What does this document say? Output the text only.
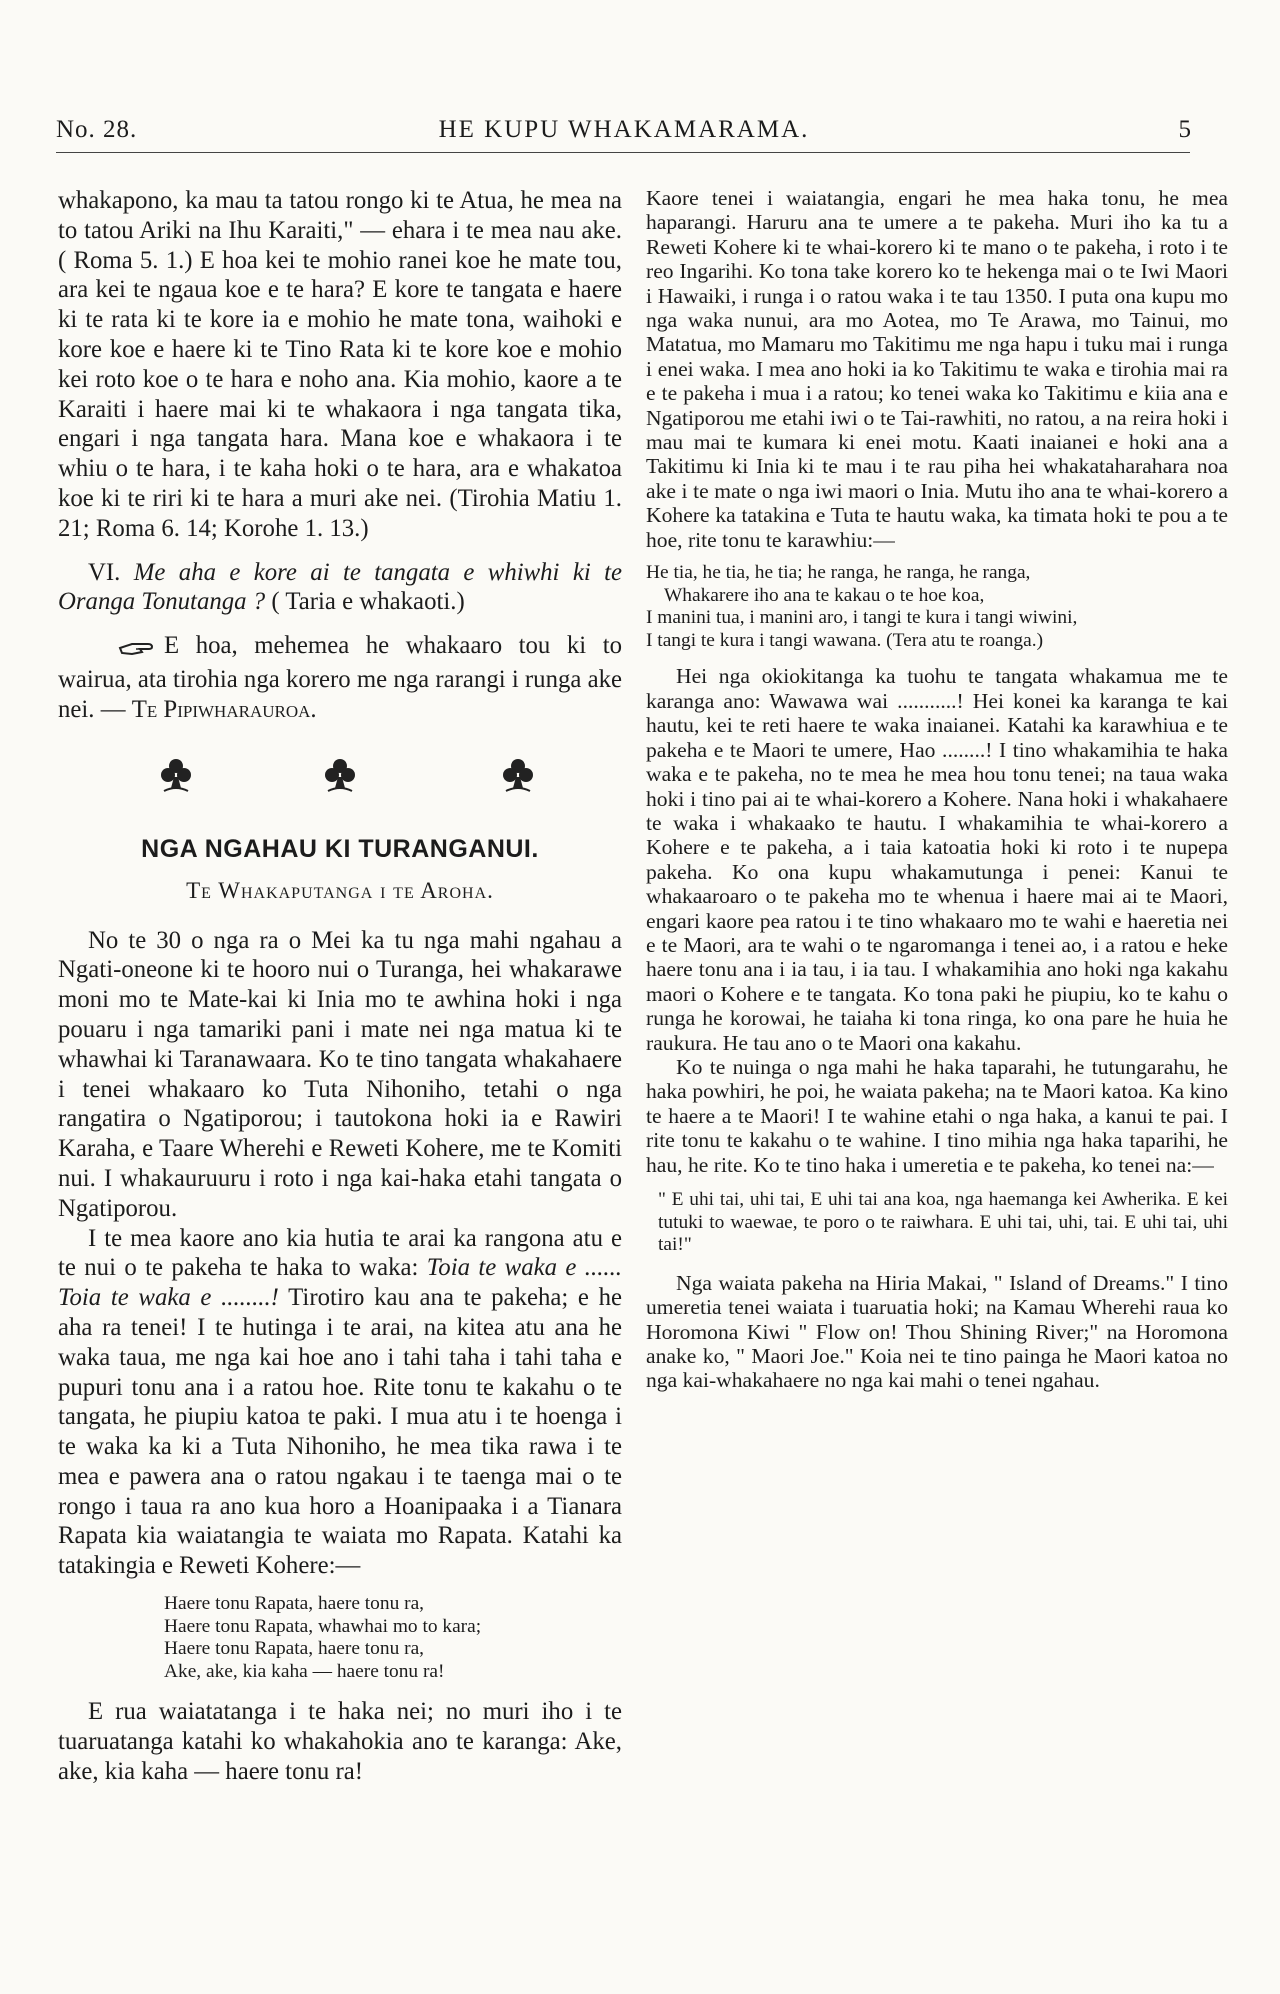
No. 28.	HE KUPU WHAKAMARAMA.	5

whakapono, ka mau ta tatou rongo ki te Atua, he mea na to tatou Ariki na Ihu Karaiti," — ehara i te mea nau ake. ( Roma 5. 1.) E hoa kei te mohio ranei koe he mate tou, ara kei te ngaua koe e te hara? E kore te tangata e haere ki te rata ki te kore ia e mohio he mate tona, waihoki e kore koe e haere ki te Tino Rata ki te kore koe e mohio kei roto koe o te hara e noho ana. Kia mohio, kaore a te Karaiti i haere mai ki te whakaora i nga tangata tika, engari i nga tangata hara. Mana koe e whakaora i te whiu o te hara, i te kaha hoki o te hara, ara e whakatoa koe ki te riri ki te hara a muri ake nei. (Tirohia Matiu 1. 21; Roma 6. 14; Korohe 1. 13.)

VI. Me aha e kore ai te tangata e whiwhi ki te Oranga Tonutanga ? ( Taria e whakaoti.)

E hoa, mehemea he whakaaro tou ki to wairua, ata tirohia nga korero me nga rarangi i runga ake nei. — Te Pipiwharauroa.

NGA NGAHAU KI TURANGANUI.
Te Whakaputanga i te Aroha.

No te 30 o nga ra o Mei ka tu nga mahi ngahau a Ngati-oneone ki te hooro nui o Turanga, hei whakarawe moni mo te Mate-kai ki Inia mo te awhina hoki i nga pouaru i nga tamariki pani i mate nei nga matua ki te whawhai ki Taranawaara. Ko te tino tangata whakahaere i tenei whakaaro ko Tuta Nihoniho, tetahi o nga rangatira o Ngatiporou; i tautokona hoki ia e Rawiri Karaha, e Taare Wherehi e Reweti Kohere, me te Komiti nui. I whakauruuru i roto i nga kai-haka etahi tangata o Ngatiporou.

I te mea kaore ano kia hutia te arai ka rangona atu e te nui o te pakeha te haka to waka: Toia te waka e ...... Toia te waka e ........! Tirotiro kau ana te pakeha; e he aha ra tenei! I te hutinga i te arai, na kitea atu ana he waka taua, me nga kai hoe ano i tahi taha i tahi taha e pupuri tonu ana i a ratou hoe. Rite tonu te kakahu o te tangata, he piupiu katoa te paki. I mua atu i te hoenga i te waka ka ki a Tuta Nihoniho, he mea tika rawa i te mea e pawera ana o ratou ngakau i te taenga mai o te rongo i taua ra ano kua horo a Hoanipaaka i a Tianara Rapata kia waiatangia te waiata mo Rapata. Katahi ka tatakingia e Reweti Kohere:—

Haere tonu Rapata, haere tonu ra,
Haere tonu Rapata, whawhai mo to kara;
Haere tonu Rapata, haere tonu ra,
Ake, ake, kia kaha — haere tonu ra!

E rua waiatatanga i te haka nei; no muri iho i te tuaruatanga katahi ko whakahokia ano te karanga: Ake, ake, kia kaha — haere tonu ra!

Kaore tenei i waiatangia, engari he mea haka tonu, he mea haparangi. Haruru ana te umere a te pakeha. Muri iho ka tu a Reweti Kohere ki te whai-korero ki te mano o te pakeha, i roto i te reo Ingarihi. Ko tona take korero ko te hekenga mai o te Iwi Maori i Hawaiki, i runga i o ratou waka i te tau 1350. I puta ona kupu mo nga waka nunui, ara mo Aotea, mo Te Arawa, mo Tainui, mo Matatua, mo Mamaru mo Takitimu me nga hapu i tuku mai i runga i enei waka. I mea ano hoki ia ko Takitimu te waka e tirohia mai ra e te pakeha i mua i a ratou; ko tenei waka ko Takitimu e kiia ana e Ngatiporou me etahi iwi o te Tai-rawhiti, no ratou, a na reira hoki i mau mai te kumara ki enei motu. Kaati inaianei e hoki ana a Takitimu ki Inia ki te mau i te rau piha hei whakataharahara noa ake i te mate o nga iwi maori o Inia. Mutu iho ana te whai-korero a Kohere ka tatakina e Tuta te hautu waka, ka timata hoki te pou a te hoe, rite tonu te karawhiu:—

He tia, he tia, he tia; he ranga, he ranga, he ranga,
Whakarere iho ana te kakau o te hoe koa,
I manini tua, i manini aro, i tangi te kura i tangi wiwini,
I tangi te kura i tangi wawana. (Tera atu te roanga.)

Hei nga okiokitanga ka tuohu te tangata whakamua me te karanga ano: Wawawa wai ...........! Hei konei ka karanga te kai hautu, kei te reti haere te waka inaianei. Katahi ka karawhiua e te pakeha e te Maori te umere, Hao ........! I tino whakamihia te haka waka e te pakeha, no te mea he mea hou tonu tenei; na taua waka hoki i tino pai ai te whai-korero a Kohere. Nana hoki i whakahaere te waka i whakaako te hautu. I whakamihia te whai-korero a Kohere e te pakeha, a i taia katoatia hoki ki roto i te nupepa pakeha. Ko ona kupu whakamutunga i penei: Kanui te whakaaroaro o te pakeha mo te whenua i haere mai ai te Maori, engari kaore pea ratou i te tino whakaaro mo te wahi e haeretia nei e te Maori, ara te wahi o te ngaromanga i tenei ao, i a ratou e heke haere tonu ana i ia tau, i ia tau. I whakamihia ano hoki nga kakahu maori o Kohere e te tangata. Ko tona paki he piupiu, ko te kahu o runga he korowai, he taiaha ki tona ringa, ko ona pare he huia he raukura. He tau ano o te Maori ona kakahu.

Ko te nuinga o nga mahi he haka taparahi, he tutungarahu, he haka powhiri, he poi, he waiata pakeha; na te Maori katoa. Ka kino te haere a te Maori! I te wahine etahi o nga haka, a kanui te pai. I rite tonu te kakahu o te wahine. I tino mihia nga haka taparihi, he hau, he rite. Ko te tino haka i umeretia e te pakeha, ko tenei na:—

" E uhi tai, uhi tai, E uhi tai ana koa, nga haemanga kei Awherika. E kei tutuki to waewae, te poro o te raiwhara. E uhi tai, uhi, tai. E uhi tai, uhi tai!"

Nga waiata pakeha na Hiria Makai, " Island of Dreams." I tino umeretia tenei waiata i tuaruatia hoki; na Kamau Wherehi raua ko Horomona Kiwi " Flow on! Thou Shining River;" na Horomona anake ko, " Maori Joe." Koia nei te tino painga he Maori katoa no nga kai-whakahaere no nga kai mahi o tenei ngahau.
